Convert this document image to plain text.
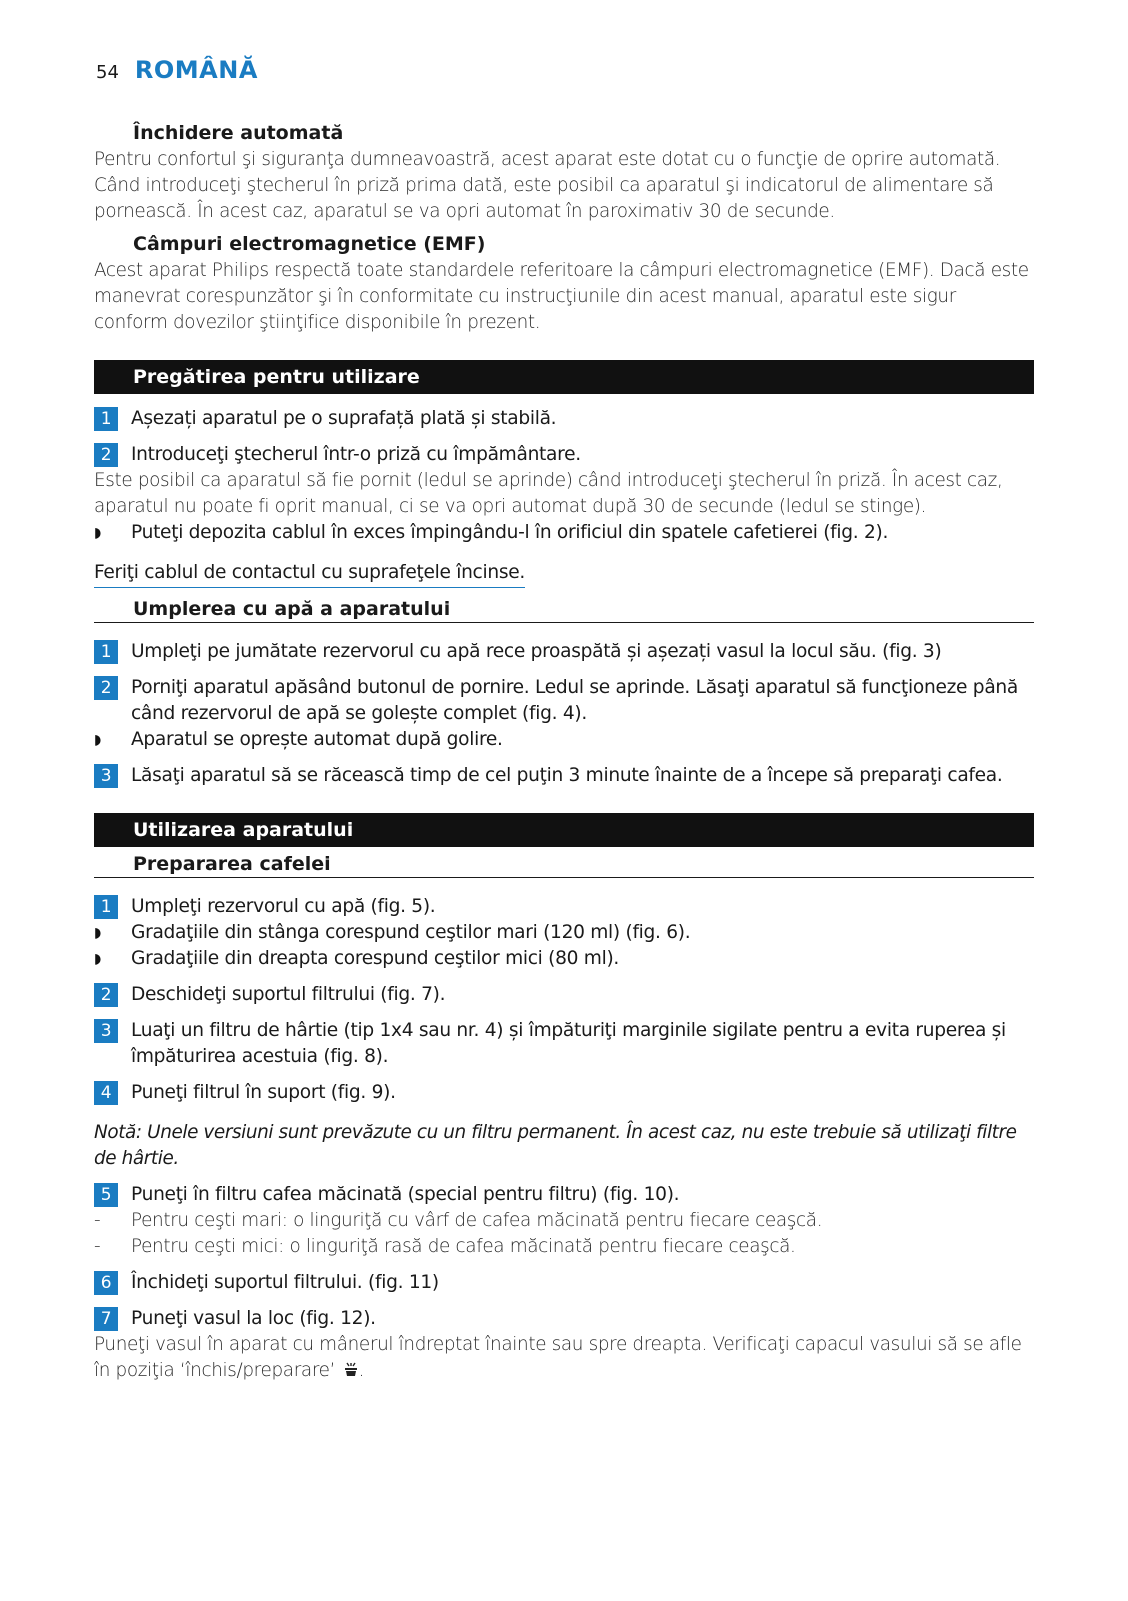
54 ROMÂNĂ
Închidere automată
Pentru confortul şi siguranţa dumneavoastră, acest aparat este dotat cu o funcţie de oprire automată. Când introduceţi ştecherul în priză prima dată, este posibil ca aparatul şi indicatorul de alimentare să pornească. În acest caz, aparatul se va opri automat în paroximativ 30 de secunde.
Câmpuri electromagnetice (EMF)
Acest aparat Philips respectă toate standardele referitoare la câmpuri electromagnetice (EMF). Dacă este manevrat corespunzător şi în conformitate cu instrucţiunile din acest manual, aparatul este sigur conform dovezilor ştiinţifice disponibile în prezent.
Pregătirea pentru utilizare
1	Așezați aparatul pe o suprafață plată și stabilă.
2	Introduceţi ştecherul într-o priză cu împământare.
Este posibil ca aparatul să fie pornit (ledul se aprinde) când introduceţi ştecherul în priză. În acest caz, aparatul nu poate fi oprit manual, ci se va opri automat după 30 de secunde (ledul se stinge).
◗	Puteţi depozita cablul în exces împingându-l în orificiul din spatele cafetierei (fig. 2).
Feriţi cablul de contactul cu suprafeţele încinse.
Umplerea cu apă a aparatului
1	Umpleţi pe jumătate rezervorul cu apă rece proaspătă și așezați vasul la locul său. (fig. 3)
2	Porniţi aparatul apăsând butonul de pornire. Ledul se aprinde. Lăsaţi aparatul să funcţioneze până când rezervorul de apă se golește complet (fig. 4).
◗	Aparatul se oprește automat după golire.
3	Lăsaţi aparatul să se răcească timp de cel puţin 3 minute înainte de a începe să preparaţi cafea.
Utilizarea aparatului
Prepararea cafelei
1	Umpleţi rezervorul cu apă (fig. 5).
◗	Gradaţiile din stânga corespund ceştilor mari (120 ml) (fig. 6).
◗	Gradaţiile din dreapta corespund ceştilor mici (80 ml).
2	Deschideţi suportul filtrului (fig. 7).
3	Luaţi un filtru de hârtie (tip 1x4 sau nr. 4) și împăturiţi marginile sigilate pentru a evita ruperea și împăturirea acestuia (fig. 8).
4	Puneţi filtrul în suport (fig. 9).
Notă: Unele versiuni sunt prevăzute cu un filtru permanent. În acest caz, nu este trebuie să utilizaţi filtre de hârtie.
5	Puneţi în filtru cafea măcinată (special pentru filtru) (fig. 10).
-	Pentru ceşti mari: o linguriţă cu vârf de cafea măcinată pentru fiecare ceaşcă.
-	Pentru ceşti mici: o linguriţă rasă de cafea măcinată pentru fiecare ceaşcă.
6	Închideţi suportul filtrului. (fig. 11)
7	Puneţi vasul la loc (fig. 12).
Puneţi vasul în aparat cu mânerul îndreptat înainte sau spre dreapta. Verificaţi capacul vasului să se afle în poziţia ‘închis/preparare’ .
